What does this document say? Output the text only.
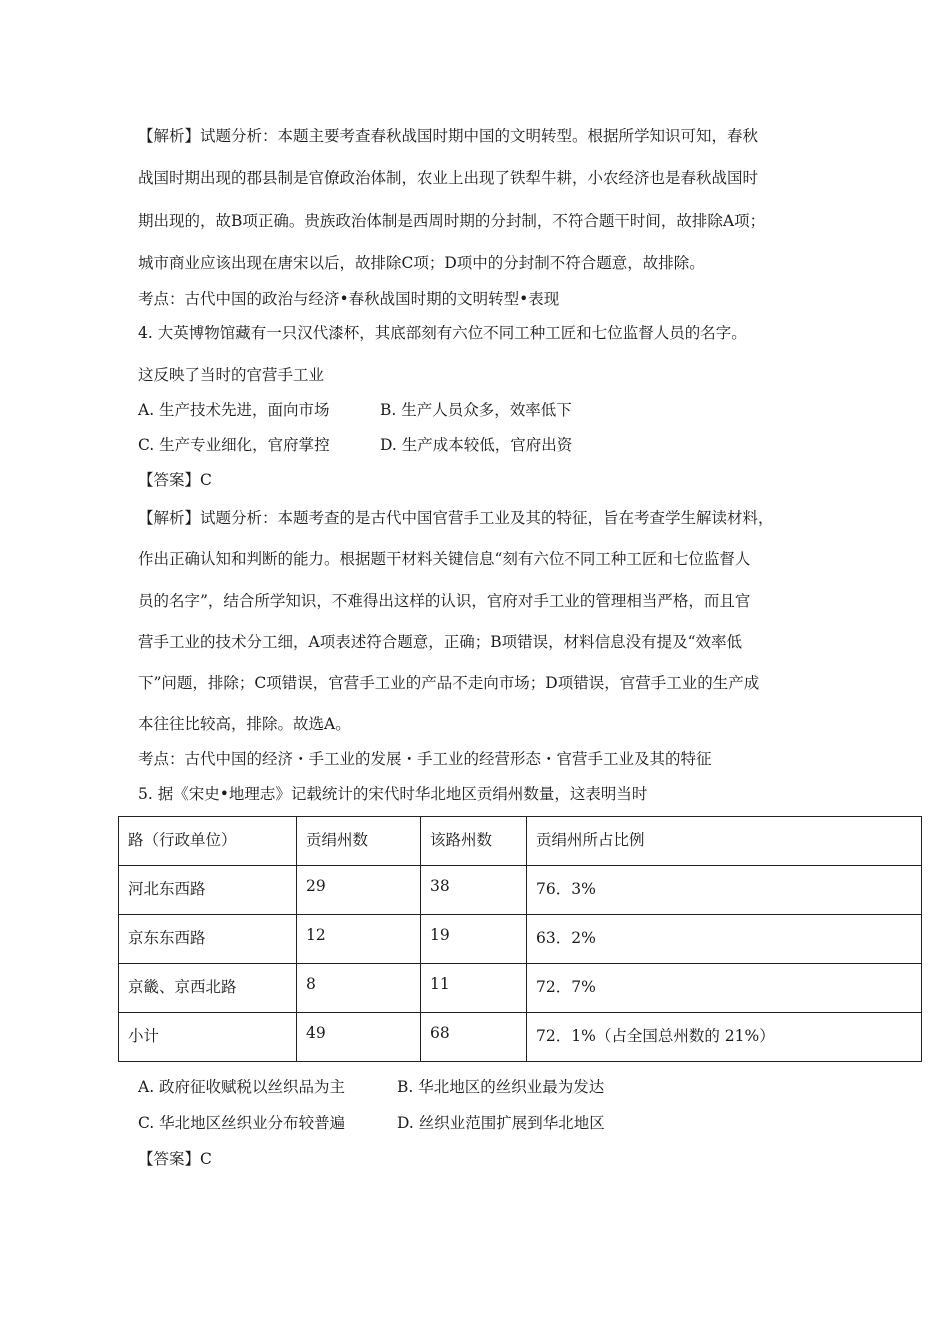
【解析】试题分析：本题主要考查春秋战国时期中国的文明转型。根据所学知识可知，春秋
战国时期出现的郡县制是官僚政治体制，农业上出现了铁犁牛耕，小农经济也是春秋战国时
期出现的，故B项正确。贵族政治体制是西周时期的分封制，不符合题干时间，故排除A项；
城市商业应该出现在唐宋以后，故排除C项；D项中的分封制不符合题意，故排除。
考点：古代中国的政治与经济•春秋战国时期的文明转型•表现
4. 大英博物馆藏有一只汉代漆杯，其底部刻有六位不同工种工匠和七位监督人员的名字。
这反映了当时的官营手工业
A. 生产技术先进，面向市场	B. 生产人员众多，效率低下
C. 生产专业细化，官府掌控	D. 生产成本较低，官府出资
【答案】C
【解析】试题分析：本题考查的是古代中国官营手工业及其的特征，旨在考查学生解读材料，
作出正确认知和判断的能力。根据题干材料关键信息“刻有六位不同工种工匠和七位监督人
员的名字”，结合所学知识，不难得出这样的认识，官府对手工业的管理相当严格，而且官
营手工业的技术分工细，A项表述符合题意，正确；B项错误，材料信息没有提及“效率低
下”问题，排除；C项错误，官营手工业的产品不走向市场；D项错误，官营手工业的生产成
本往往比较高，排除。故选A。
考点：古代中国的经济・手工业的发展・手工业的经营形态・官营手工业及其的特征
5. 据《宋史•地理志》记载统计的宋代时华北地区贡绢州数量，这表明当时
路（行政单位）	贡绢州数	该路州数	贡绢州所占比例
河北东西路	29	38	76．3%
京东东西路	12	19	63．2%
京畿、京西北路	8	11	72．7%
小计	49	68	72．1%（占全国总州数的 21%）
A. 政府征收赋税以丝织品为主	B. 华北地区的丝织业最为发达
C. 华北地区丝织业分布较普遍	D. 丝织业范围扩展到华北地区
【答案】C
